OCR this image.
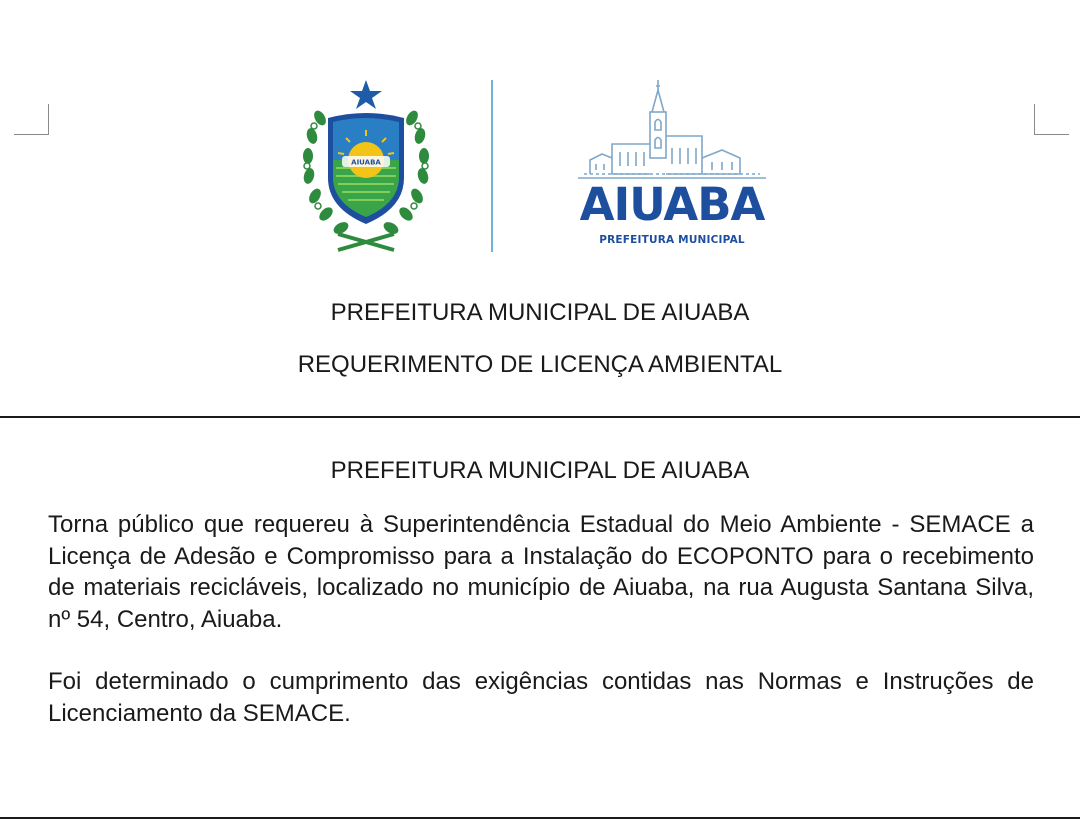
AIUABA
AIUABA
PREFEITURA MUNICIPAL
PREFEITURA MUNICIPAL DE AIUABA
REQUERIMENTO DE LICENÇA AMBIENTAL
PREFEITURA MUNICIPAL DE AIUABA

Torna público que requereu à Superintendência Estadual do Meio Ambiente - SEMACE a Licença de Adesão e Compromisso para a Instalação do ECOPONTO para o recebimento de materiais recicláveis, localizado no município de Aiuaba, na rua Augusta Santana Silva, nº 54, Centro, Aiuaba.

Foi determinado o cumprimento das exigências contidas nas Normas e Instruções de Licenciamento da SEMACE.
